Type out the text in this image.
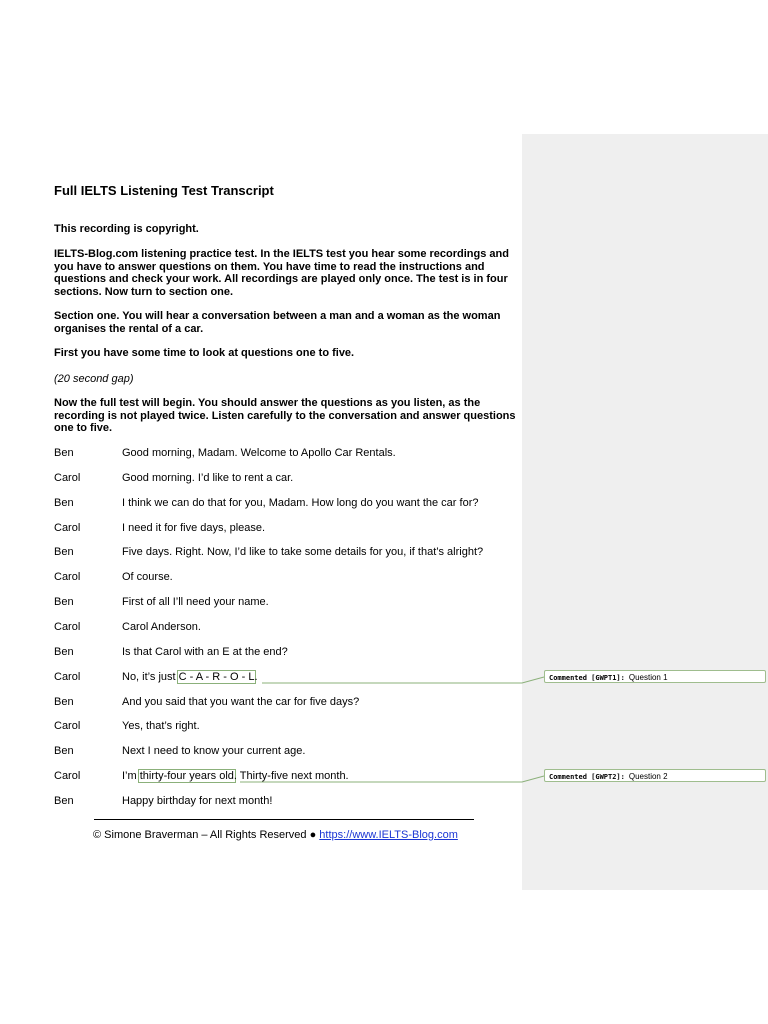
Full IELTS Listening Test Transcript
This recording is copyright.
IELTS-Blog.com listening practice test. In the IELTS test you hear some recordings and you have to answer questions on them. You have time to read the instructions and questions and check your work. All recordings are played only once. The test is in four sections. Now turn to section one.
Section one. You will hear a conversation between a man and a woman as the woman organises the rental of a car.
First you have some time to look at questions one to five.
(20 second gap)
Now the full test will begin. You should answer the questions as you listen, as the recording is not played twice. Listen carefully to the conversation and answer questions one to five.
Ben	Good morning, Madam. Welcome to Apollo Car Rentals.
Carol	Good morning. I’d like to rent a car.
Ben	I think we can do that for you, Madam. How long do you want the car for?
Carol	I need it for five days, please.
Ben	Five days. Right. Now, I’d like to take some details for you, if that’s alright?
Carol	Of course.
Ben	First of all I’ll need your name.
Carol	Carol Anderson.
Ben	Is that Carol with an E at the end?
Carol	No, it’s just C - A - R - O - L.
Ben	And you said that you want the car for five days?
Carol	Yes, that’s right.
Ben	Next I need to know your current age.
Carol	I’m thirty-four years old. Thirty-five next month.
Ben	Happy birthday for next month!
© Simone Braverman – All Rights Reserved ● https://www.IELTS-Blog.com
Commented [GWPT1]: Question 1
Commented [GWPT2]: Question 2
